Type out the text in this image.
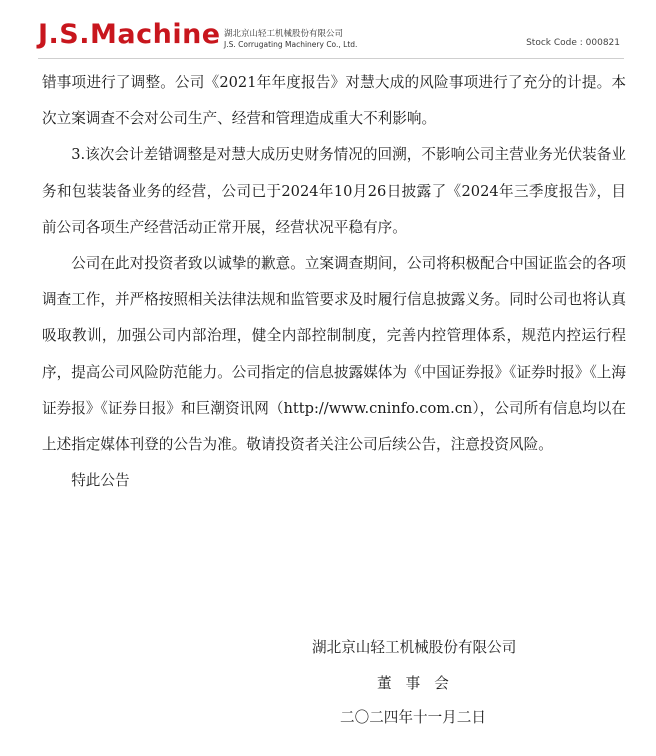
J.S.Machine 湖北京山轻工机械股份有限公司
J.S. Corrugating Machinery Co., Ltd.	Stock Code : 000821

错事项进行了调整。公司《2021年年度报告》对慧大成的风险事项进行了充分的计提。本次立案调查不会对公司生产、经营和管理造成重大不利影响。

3.该次会计差错调整是对慧大成历史财务情况的回溯，不影响公司主营业务光伏装备业务和包装装备业务的经营，公司已于2024年10月26日披露了《2024年三季度报告》，目前公司各项生产经营活动正常开展，经营状况平稳有序。

公司在此对投资者致以诚挚的歉意。立案调查期间，公司将积极配合中国证监会的各项调查工作，并严格按照相关法律法规和监管要求及时履行信息披露义务。同时公司也将认真吸取教训，加强公司内部治理，健全内部控制制度，完善内控管理体系，规范内控运行程序，提高公司风险防范能力。公司指定的信息披露媒体为《中国证券报》《证券时报》《上海证券报》《证券日报》和巨潮资讯网（http://www.cninfo.com.cn），公司所有信息均以在上述指定媒体刊登的公告为准。敬请投资者关注公司后续公告，注意投资风险。

特此公告

湖北京山轻工机械股份有限公司
董事会
二〇二四年十一月二日
